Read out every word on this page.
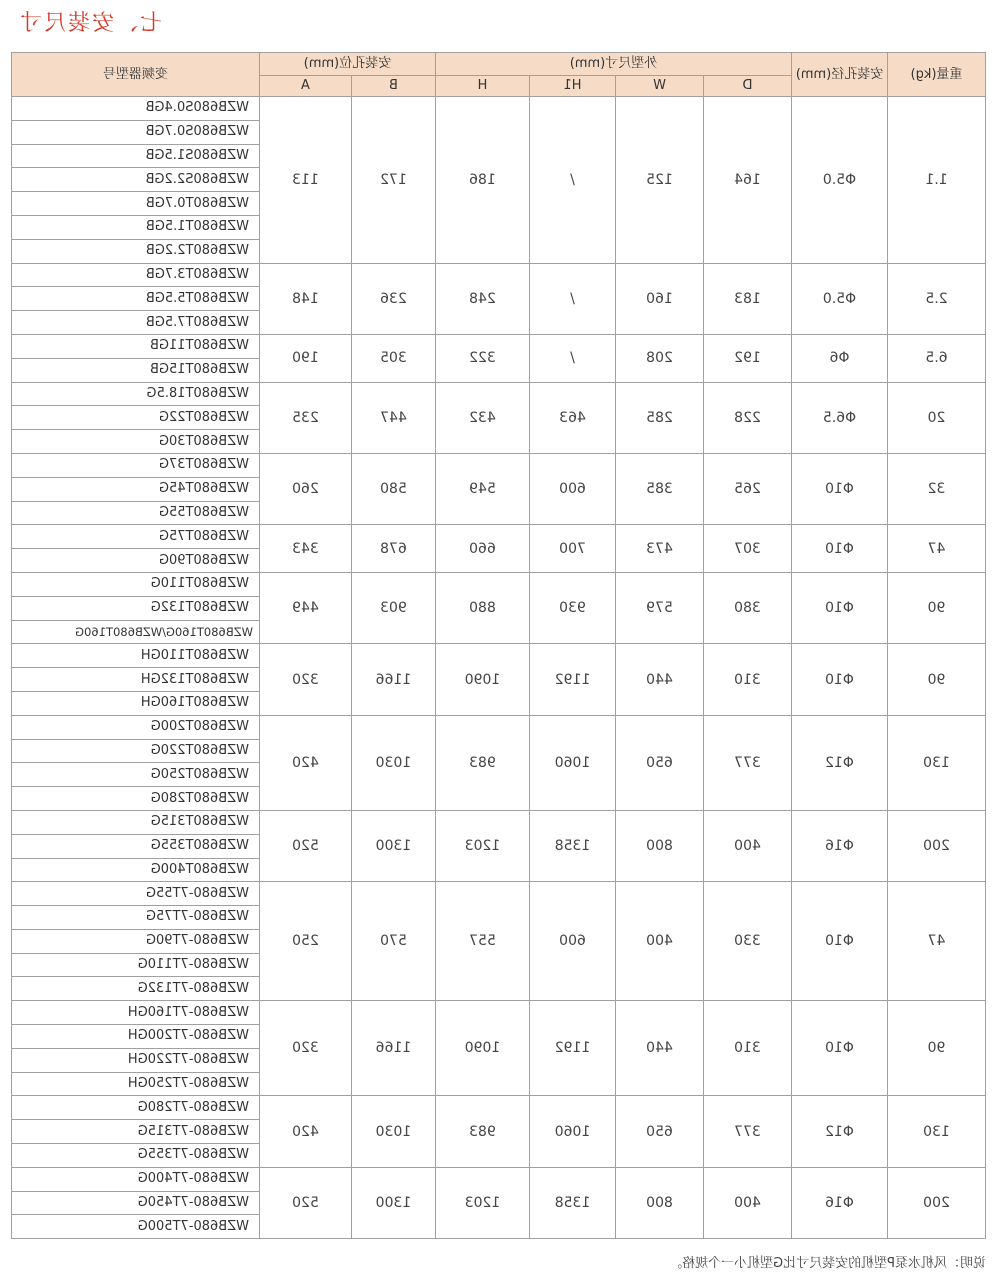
七、安装尺寸
重量(kg)	安装孔径(mm)	外型尺寸(mm)				安装孔位(mm)		变频器型号
		D	W	H1	H	B	A	
1.1	Φ5.0	164	125	/	186	172	113	WZB680S0.4GB
								WZB680S0.7GB
								WZB680S1.5GB
								WZB680S2.2GB
								WZB680T0.7GB
								WZB680T1.5GB
								WZB680T2.2GB
2.5	Φ5.0	183	160	/	248	236	148	WZB680T3.7GB
								WZB680T5.5GB
								WZB680T7.5GB
6.5	Φ6	192	208	/	322	305	190	WZB680T11GB
								WZB680T15GB
20	Φ6.5	228	285	463	432	447	235	WZB680T18.5G
								WZB680T22G
								WZB680T30G
32	Φ10	265	385	600	549	580	260	WZB680T37G
								WZB680T45G
								WZB680T55G
47	Φ10	307	473	700	660	678	343	WZB680T75G
								WZB680T90G
90	Φ10	380	579	930	880	903	449	WZB680T110G
								WZB680T132G
								WZB680T160G/WZB680T160G
90	Φ10	310	440	1192	1090	1166	320	WZB680T110GH
								WZB680T132GH
								WZB680T160GH
130	Φ12	377	650	1060	983	1030	420	WZB680T200G
								WZB680T220G
								WZB680T250G
								WZB680T280G
200	Φ16	400	800	1358	1203	1300	520	WZB680T315G
								WZB680T355G
								WZB680T400G
47	Φ10	330	400	600	557	570	250	WZB680-7T55G
								WZB680-7T75G
								WZB680-7T90G
								WZB680-7T110G
								WZB680-7T132G
90	Φ10	310	440	1192	1090	1166	320	WZB680-7T160GH
								WZB680-7T200GH
								WZB680-7T220GH
								WZB680-7T250GH
130	Φ12	377	650	1060	983	1030	420	WZB680-7T280G
								WZB680-7T315G
								WZB680-7T355G
200	Φ16	400	800	1358	1203	1300	520	WZB680-7T400G
								WZB680-7T450G
								WZB680-7T500G
说明：风机水泵P型机的安装尺寸比G型机小一个规格。
